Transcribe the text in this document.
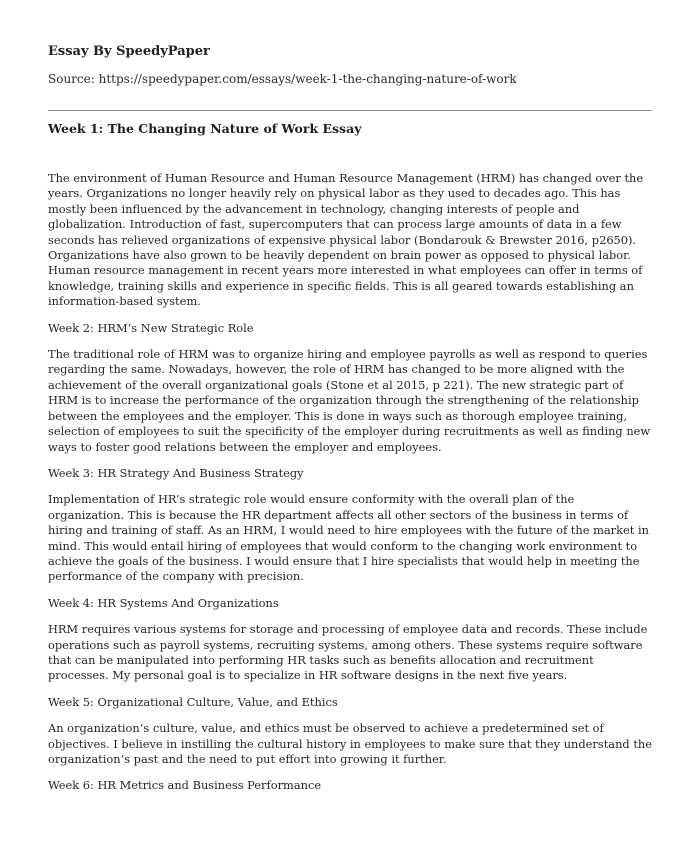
Essay By SpeedyPaper
Source: https://speedypaper.com/essays/week-1-the-changing-nature-of-work
Week 1: The Changing Nature of Work Essay

The environment of Human Resource and Human Resource Management (HRM) has changed over the years. Organizations no longer heavily rely on physical labor as they used to decades ago. This has mostly been influenced by the advancement in technology, changing interests of people and globalization. Introduction of fast, supercomputers that can process large amounts of data in a few seconds has relieved organizations of expensive physical labor (Bondarouk & Brewster 2016, p2650). Organizations have also grown to be heavily dependent on brain power as opposed to physical labor. Human resource management in recent years more interested in what employees can offer in terms of knowledge, training skills and experience in specific fields. This is all geared towards establishing an information-based system.

Week 2: HRM’s New Strategic Role

The traditional role of HRM was to organize hiring and employee payrolls as well as respond to queries regarding the same. Nowadays, however, the role of HRM has changed to be more aligned with the achievement of the overall organizational goals (Stone et al 2015, p 221). The new strategic part of HRM is to increase the performance of the organization through the strengthening of the relationship between the employees and the employer. This is done in ways such as thorough employee training, selection of employees to suit the specificity of the employer during recruitments as well as finding new ways to foster good relations between the employer and employees.

Week 3: HR Strategy And Business Strategy

Implementation of HR’s strategic role would ensure conformity with the overall plan of the organization. This is because the HR department affects all other sectors of the business in terms of hiring and training of staff. As an HRM, I would need to hire employees with the future of the market in mind. This would entail hiring of employees that would conform to the changing work environment to achieve the goals of the business. I would ensure that I hire specialists that would help in meeting the performance of the company with precision.

Week 4: HR Systems And Organizations

HRM requires various systems for storage and processing of employee data and records. These include operations such as payroll systems, recruiting systems, among others. These systems require software that can be manipulated into performing HR tasks such as benefits allocation and recruitment processes. My personal goal is to specialize in HR software designs in the next five years.

Week 5: Organizational Culture, Value, and Ethics

An organization’s culture, value, and ethics must be observed to achieve a predetermined set of objectives. I believe in instilling the cultural history in employees to make sure that they understand the organization’s past and the need to put effort into growing it further.

Week 6: HR Metrics and Business Performance
